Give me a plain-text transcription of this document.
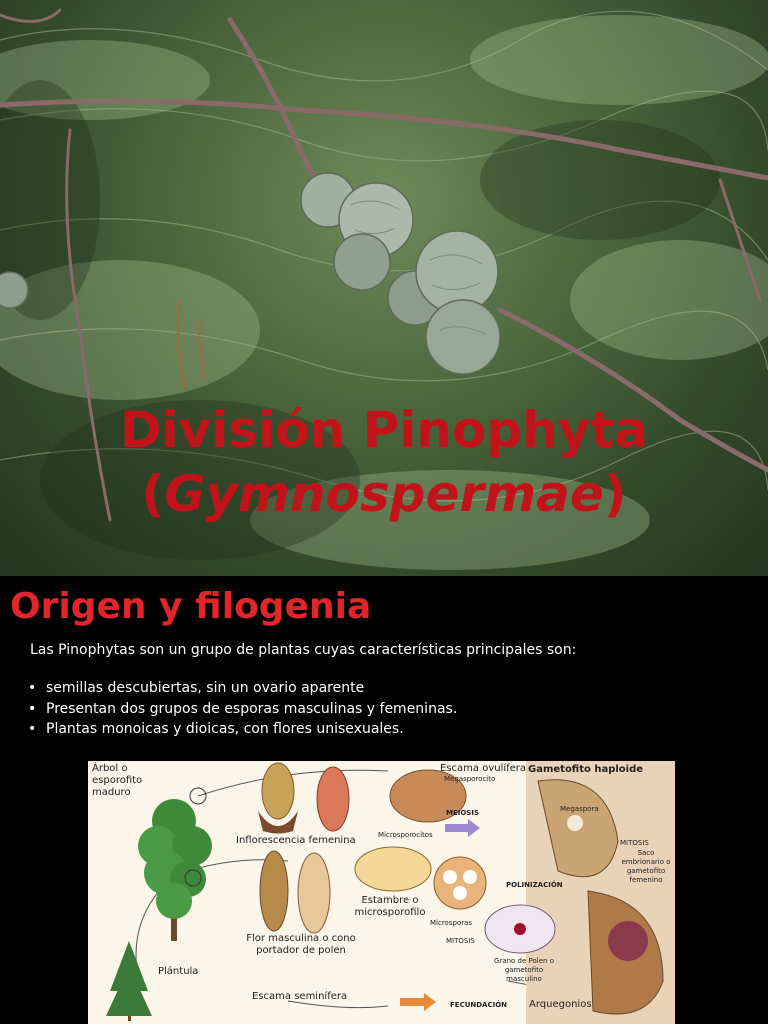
División Pinophyta
(Gymnospermae)
Origen y filogenia
Las Pinophytas son un grupo de plantas cuyas características principales son:
• semillas descubiertas, sin un ovario aparente
• Presentan dos grupos de esporas masculinas y femeninas.
• Plantas monoicas y dioicas, con flores unisexuales.
Árbol o esporofito maduro
Inflorescencia femenina
Escama ovulífera
Megasporocito
Gametofito haploide
Megaspora
Microsporocitos
MEIOSIS
MITOSIS
Saco embrionario o gametofito femenino
Estambre o microsporofilo
POLINIZACIÓN
Microsporas
MITOSIS
Flor masculina o cono portador de polen
Grano de Polen o gametofito masculino
Plántula
Escama seminífera
FECUNDACIÓN Arquegonios
